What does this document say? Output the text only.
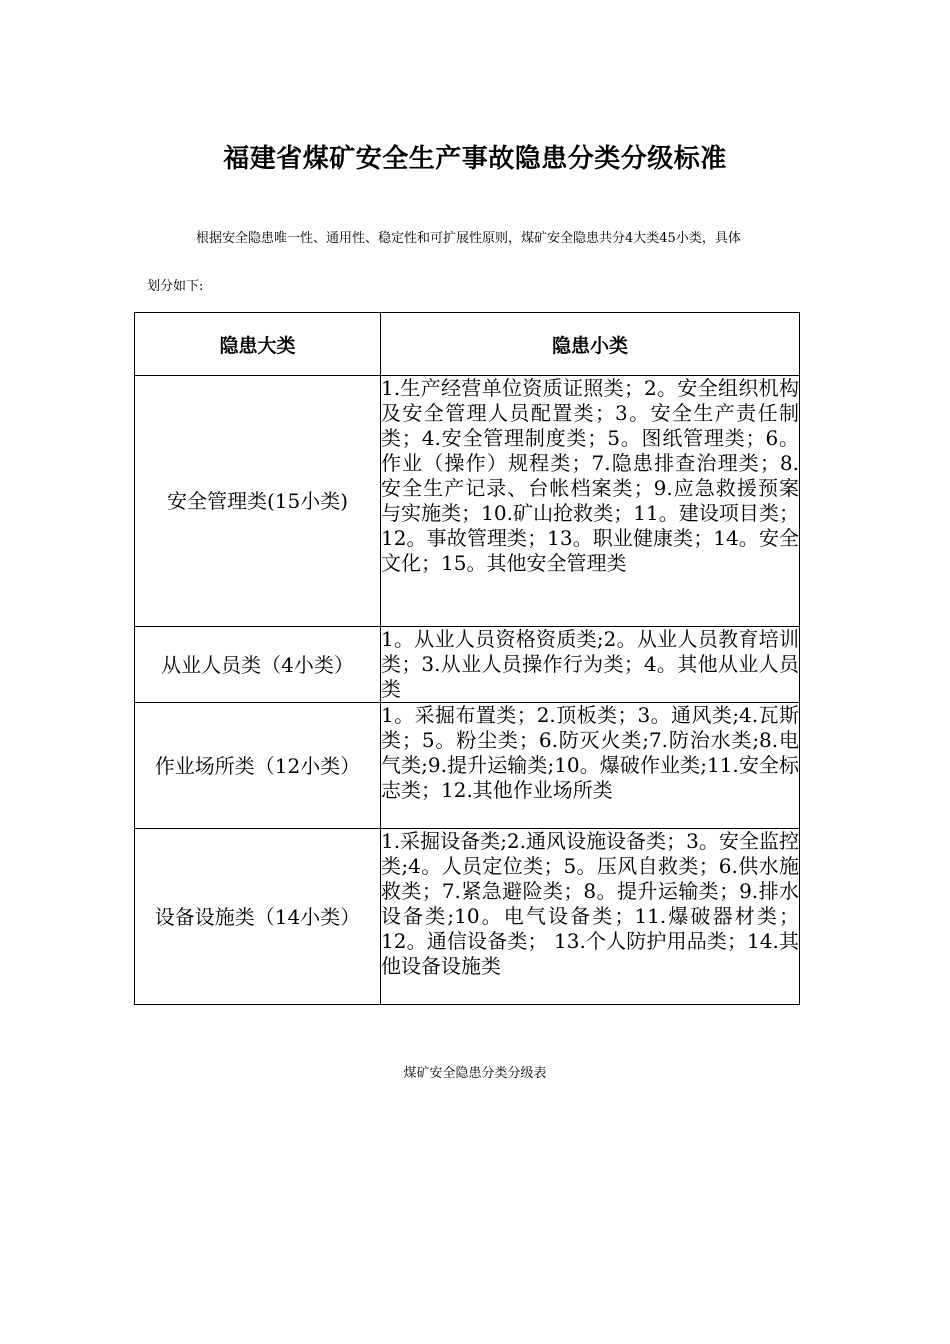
福建省煤矿安全生产事故隐患分类分级标准
根据安全隐患唯一性、通用性、稳定性和可扩展性原则，煤矿安全隐患共分4大类45小类，具体
划分如下:
隐患大类	隐患小类
安全管理类(15小类)	1.生产经营单位资质证照类；2。安全组织机构及安全管理人员配置类；3。安全生产责任制类；4.安全管理制度类；5。图纸管理类；6。作业（操作）规程类；7.隐患排查治理类；8.安全生产记录、台帐档案类；9.应急救援预案与实施类；10.矿山抢救类；11。建设项目类；12。事故管理类；13。职业健康类；14。安全文化；15。其他安全管理类
从业人员类（4小类）	1。从业人员资格资质类;2。从业人员教育培训类；3.从业人员操作行为类；4。其他从业人员类
作业场所类（12小类）	1。采掘布置类；2.顶板类；3。通风类;4.瓦斯类；5。粉尘类；6.防灭火类;7.防治水类;8.电气类;9.提升运输类;10。爆破作业类;11.安全标志类；12.其他作业场所类
设备设施类（14小类）	1.采掘设备类;2.通风设施设备类；3。安全监控类;4。人员定位类；5。压风自救类；6.供水施救类；7.紧急避险类；8。提升运输类；9.排水设备类;10。电气设备类；11.爆破器材类；12。通信设备类； 13.个人防护用品类；14.其他设备设施类
煤矿安全隐患分类分级表
